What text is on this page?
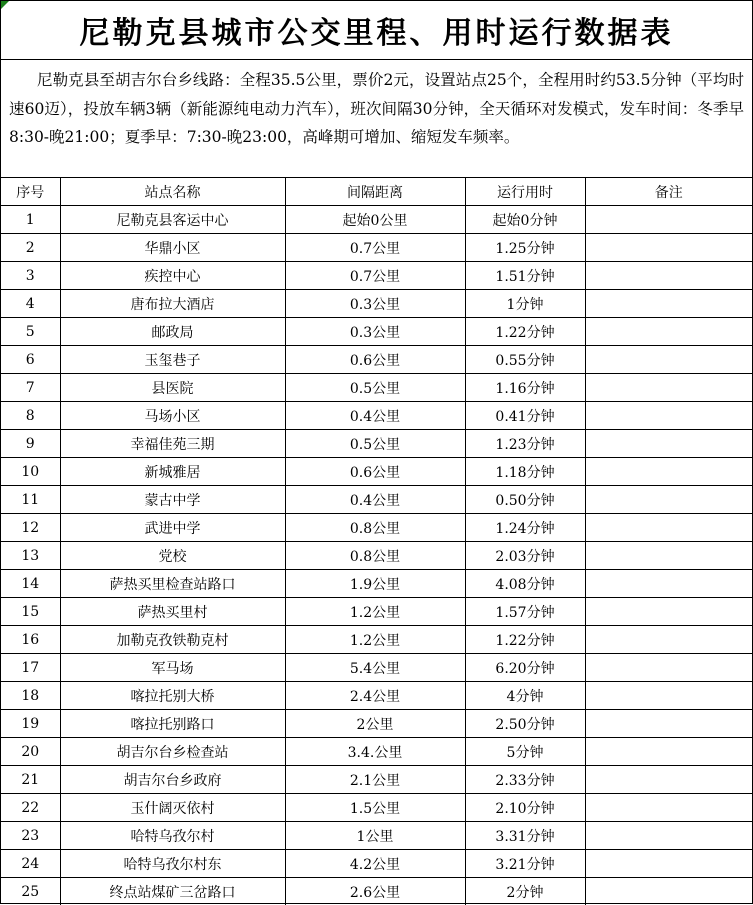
尼勒克县城市公交里程、用时运行数据表
尼勒克县至胡吉尔台乡线路：全程35.5公里，票价2元，设置站点25个，全程用时约53.5分钟（平均时速60迈），投放车辆3辆（新能源纯电动力汽车），班次间隔30分钟，全天循环对发模式，发车时间：冬季早8:30-晚21:00；夏季早：7:30-晚23:00，高峰期可增加、缩短发车频率。
序号	站点名称	间隔距离	运行用时	备注
1	尼勒克县客运中心	起始0公里	起始0分钟	
2	华鼎小区	0.7公里	1.25分钟	
3	疾控中心	0.7公里	1.51分钟	
4	唐布拉大酒店	0.3公里	1分钟	
5	邮政局	0.3公里	1.22分钟	
6	玉玺巷子	0.6公里	0.55分钟	
7	县医院	0.5公里	1.16分钟	
8	马场小区	0.4公里	0.41分钟	
9	幸福佳苑三期	0.5公里	1.23分钟	
10	新城雅居	0.6公里	1.18分钟	
11	蒙古中学	0.4公里	0.50分钟	
12	武进中学	0.8公里	1.24分钟	
13	党校	0.8公里	2.03分钟	
14	萨热买里检查站路口	1.9公里	4.08分钟	
15	萨热买里村	1.2公里	1.57分钟	
16	加勒克孜铁勒克村	1.2公里	1.22分钟	
17	军马场	5.4公里	6.20分钟	
18	喀拉托别大桥	2.4公里	4分钟	
19	喀拉托别路口	2公里	2.50分钟	
20	胡吉尔台乡检查站	3.4.公里	5分钟	
21	胡吉尔台乡政府	2.1公里	2.33分钟	
22	玉什阔灭依村	1.5公里	2.10分钟	
23	哈特乌孜尔村	1公里	3.31分钟	
24	哈特乌孜尔村东	4.2公里	3.21分钟	
25	终点站煤矿三岔路口	2.6公里	2分钟	
